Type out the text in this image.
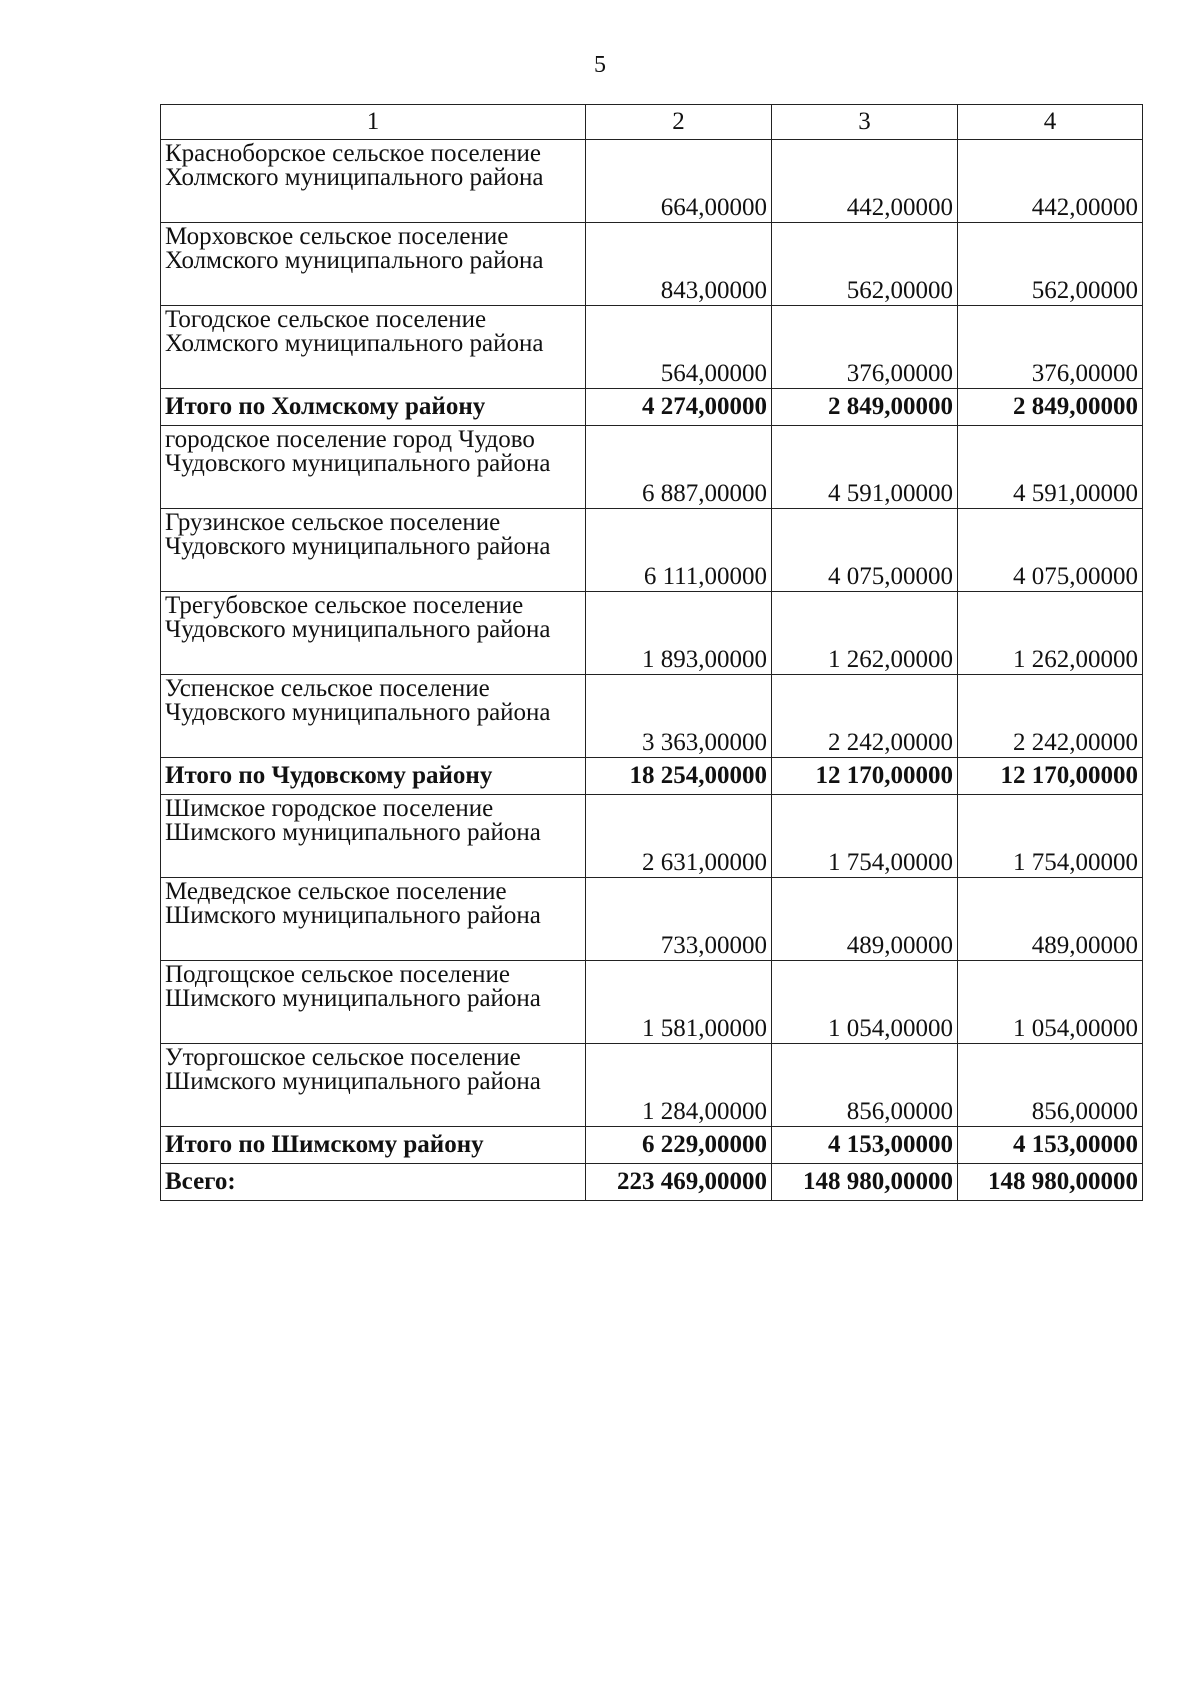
5
1	2	3	4
Красноборское сельское поселение Холмского муниципального района	664,00000	442,00000	442,00000
Морховское сельское поселение Холмского муниципального района	843,00000	562,00000	562,00000
Тогодское сельское поселение Холмского муниципального района	564,00000	376,00000	376,00000
Итого по Холмскому району	4 274,00000	2 849,00000	2 849,00000
городское поселение город Чудово Чудовского муниципального района	6 887,00000	4 591,00000	4 591,00000
Грузинское сельское поселение Чудовского муниципального района	6 111,00000	4 075,00000	4 075,00000
Трегубовское сельское поселение Чудовского муниципального района	1 893,00000	1 262,00000	1 262,00000
Успенское сельское поселение Чудовского муниципального района	3 363,00000	2 242,00000	2 242,00000
Итого по Чудовскому району	18 254,00000	12 170,00000	12 170,00000
Шимское городское поселение Шимского муниципального района	2 631,00000	1 754,00000	1 754,00000
Медведское сельское поселение Шимского муниципального района	733,00000	489,00000	489,00000
Подгощское сельское поселение Шимского муниципального района	1 581,00000	1 054,00000	1 054,00000
Уторгошское сельское поселение Шимского муниципального района	1 284,00000	856,00000	856,00000
Итого по Шимскому району	6 229,00000	4 153,00000	4 153,00000
Всего:	223 469,00000	148 980,00000	148 980,00000
